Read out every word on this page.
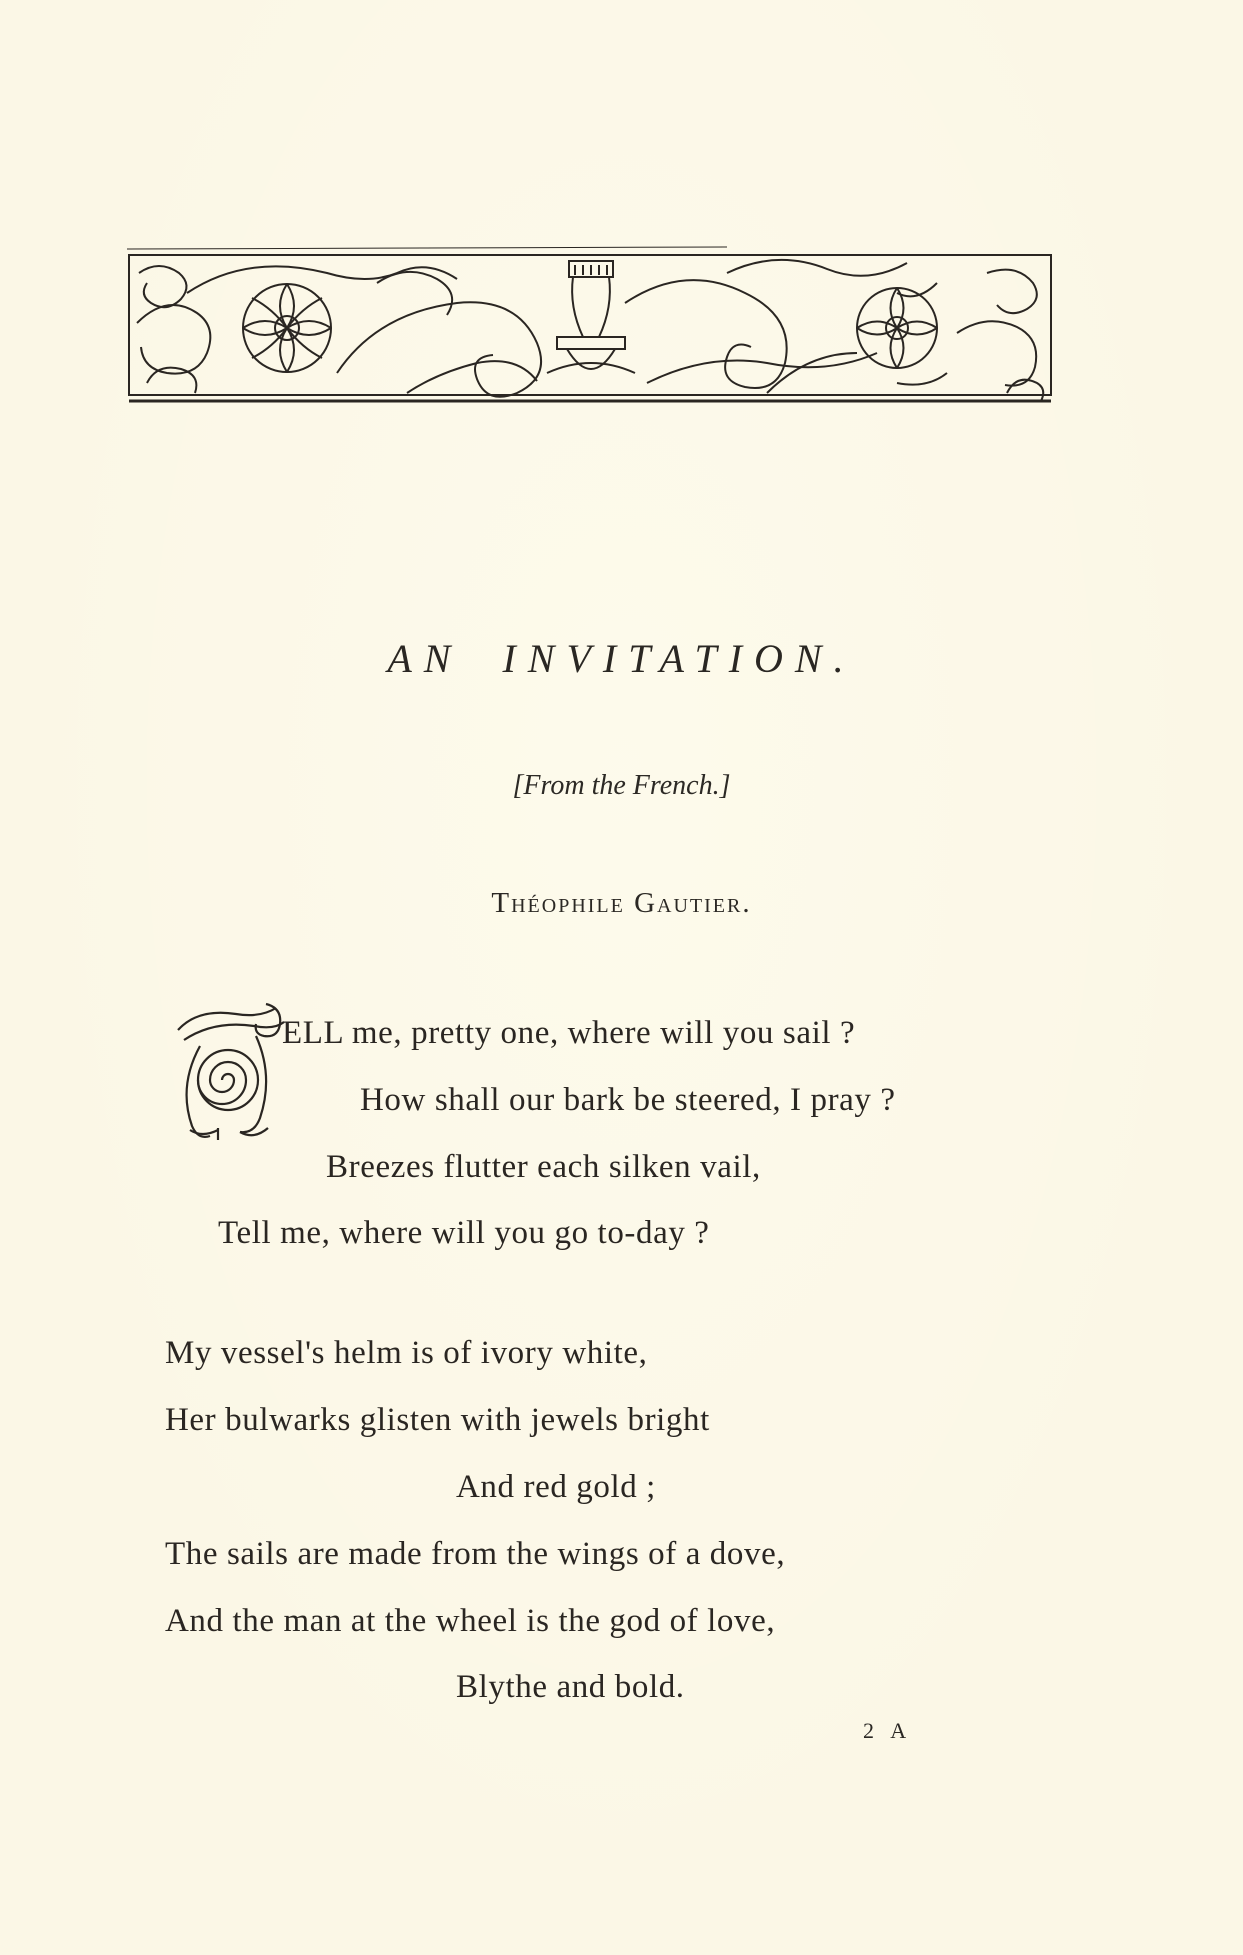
AN INVITATION.
[From the French.]
Théophile Gautier.
ELL me, pretty one, where will you sail ?
How shall our bark be steered, I pray ?
Breezes flutter each silken vail,
Tell me, where will you go to-day ?
My vessel's helm is of ivory white,
Her bulwarks glisten with jewels bright
And red gold ;
The sails are made from the wings of a dove,
And the man at the wheel is the god of love,
Blythe and bold.
2 A
